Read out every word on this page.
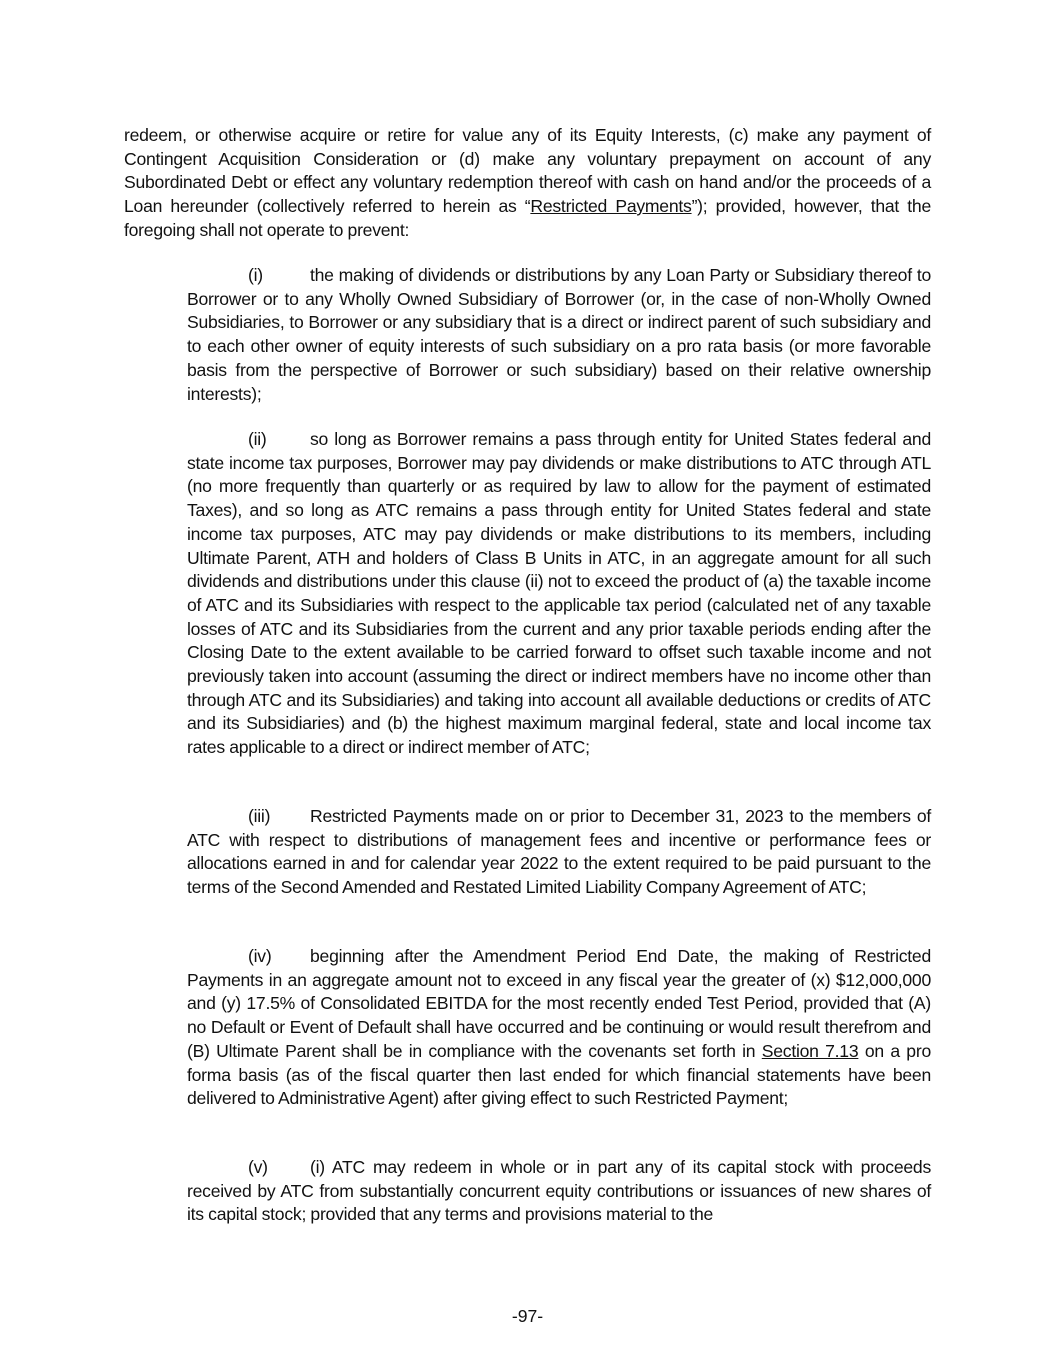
redeem, or otherwise acquire or retire for value any of its Equity Interests, (c) make any payment of Contingent Acquisition Consideration or (d) make any voluntary prepayment on account of any Subordinated Debt or effect any voluntary redemption thereof with cash on hand and/or the proceeds of a Loan hereunder (collectively referred to herein as “Restricted Payments”); provided, however, that the foregoing shall not operate to prevent:

(i)	the making of dividends or distributions by any Loan Party or Subsidiary thereof to Borrower or to any Wholly Owned Subsidiary of Borrower (or, in the case of non-Wholly Owned Subsidiaries, to Borrower or any subsidiary that is a direct or indirect parent of such subsidiary and to each other owner of equity interests of such subsidiary on a pro rata basis (or more favorable basis from the perspective of Borrower or such subsidiary) based on their relative ownership interests);

(ii) so long as Borrower remains a pass through entity for United States federal and state income tax purposes, Borrower may pay dividends or make distributions to ATC through ATL (no more frequently than quarterly or as required by law to allow for the payment of estimated Taxes), and so long as ATC remains a pass through entity for United States federal and state income tax purposes, ATC may pay dividends or make distributions to its members, including Ultimate Parent, ATH and holders of Class B Units in ATC, in an aggregate amount for all such dividends and distributions under this clause (ii) not to exceed the product of (a) the taxable income of ATC and its Subsidiaries with respect to the applicable tax period (calculated net of any taxable losses of ATC and its Subsidiaries from the current and any prior taxable periods ending after the Closing Date to the extent available to be carried forward to offset such taxable income and not previously taken into account (assuming the direct or indirect members have no income other than through ATC and its Subsidiaries) and taking into account all available deductions or credits of ATC and its Subsidiaries) and (b) the highest maximum marginal federal, state and local income tax rates applicable to a direct or indirect member of ATC;

(iii) Restricted Payments made on or prior to December 31, 2023 to the members of ATC with respect to distributions of management fees and incentive or performance fees or allocations earned in and for calendar year 2022 to the extent required to be paid pursuant to the terms of the Second Amended and Restated Limited Liability Company Agreement of ATC;

(iv) beginning after the Amendment Period End Date, the making of Restricted Payments in an aggregate amount not to exceed in any fiscal year the greater of (x) $12,000,000 and (y) 17.5% of Consolidated EBITDA for the most recently ended Test Period, provided that (A) no Default or Event of Default shall have occurred and be continuing or would result therefrom and (B) Ultimate Parent shall be in compliance with the covenants set forth in Section 7.13 on a pro forma basis (as of the fiscal quarter then last ended for which financial statements have been delivered to Administrative Agent) after giving effect to such Restricted Payment;

(v) (i) ATC may redeem in whole or in part any of its capital stock with proceeds received by ATC from substantially concurrent equity contributions or issuances of new shares of its capital stock; provided that any terms and provisions material to the

-97-
